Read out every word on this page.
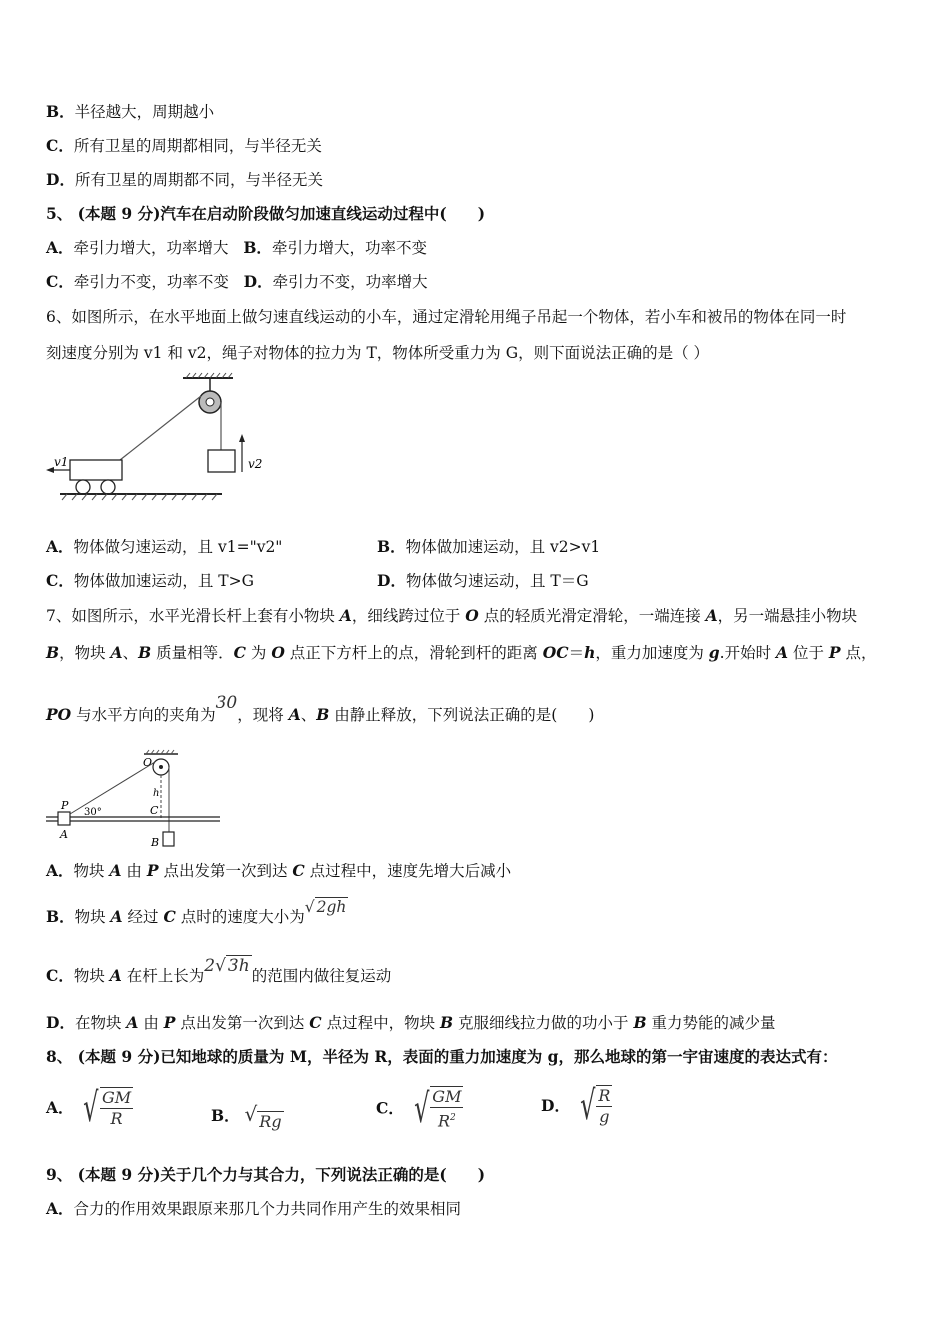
B．半径越大，周期越小
C．所有卫星的周期都相同，与半径无关
D．所有卫星的周期都不同，与半径无关
5、 (本题 9 分)汽车在启动阶段做匀加速直线运动过程中(　　)
A．牵引力增大，功率增大 B．牵引力增大，功率不变
C．牵引力不变，功率不变 D．牵引力不变，功率增大
6、如图所示，在水平地面上做匀速直线运动的小车，通过定滑轮用绳子吊起一个物体，若小车和被吊的物体在同一时
刻速度分别为 v1 和 v2，绳子对物体的拉力为 T，物体所受重力为 G，则下面说法正确的是（ ）
v2
v1
A．物体做匀速运动，且 v1="v2"	B．物体做加速运动，且 v2>v1
C．物体做加速运动，且 T>G	D．物体做匀速运动，且 T＝G
7、如图所示，水平光滑长杆上套有小物块 A，细线跨过位于 O 点的轻质光滑定滑轮，一端连接 A，另一端悬挂小物块
B，物块 A、B 质量相等．C 为 O 点正下方杆上的点，滑轮到杆的距离 OC＝h，重力加速度为 g.开始时 A 位于 P 点，
PO 与水平方向的夹角为30，现将 A、B 由静止释放，下列说法正确的是(　　)
O
h
C
B
P
A
30°
A．物块 A 由 P 点出发第一次到达 C 点过程中，速度先增大后减小
B．物块 A 经过 C 点时的速度大小为√ 2gh
C．物块 A 在杆上长为2√ 3h 的范围内做往复运动
D．在物块 A 由 P 点出发第一次到达 C 点过程中，物块 B 克服细线拉力做的功小于 B 重力势能的减少量
8、 (本题 9 分)已知地球的质量为 M，半径为 R，表面的重力加速度为 g，那么地球的第一宇宙速度的表达式有：
A． √ $\frac{GM}{R}$	B． √ Rg
C． √ $\frac{GM}{R^2}$	D． √ $\frac{R}{g}$
9、 (本题 9 分)关于几个力与其合力，下列说法正确的是(　　)
A．合力的作用效果跟原来那几个力共同作用产生的效果相同
